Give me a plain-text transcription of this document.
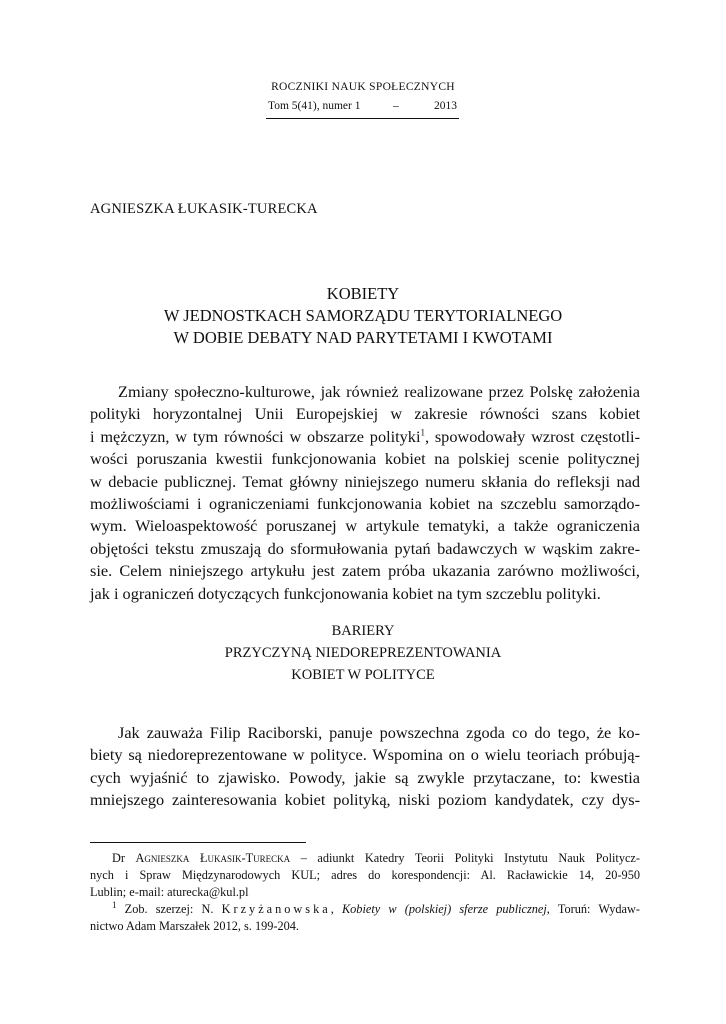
ROCZNIKI NAUK SPOŁECZNYCH
Tom 5(41), numer 1	–	2013
AGNIESZKA ŁUKASIK-TURECKA
KOBIETY
W JEDNOSTKACH SAMORZĄDU TERYTORIALNEGO
W DOBIE DEBATY NAD PARYTETAMI I KWOTAMI
Zmiany społeczno-kulturowe, jak również realizowane przez Polskę założenia
polityki horyzontalnej Unii Europejskiej w zakresie równości szans kobiet
i mężczyzn, w tym równości w obszarze polityki$^1$, spowodowały wzrost częstotli-
wości poruszania kwestii funkcjonowania kobiet na polskiej scenie politycznej
w debacie publicznej. Temat główny niniejszego numeru skłania do refleksji nad
możliwościami i ograniczeniami funkcjonowania kobiet na szczeblu samorządo-
wym. Wieloaspektowość poruszanej w artykule tematyki, a także ograniczenia
objętości tekstu zmuszają do sformułowania pytań badawczych w wąskim zakre-
sie. Celem niniejszego artykułu jest zatem próba ukazania zarówno możliwości,
jak i ograniczeń dotyczących funkcjonowania kobiet na tym szczeblu polityki.
BARIERY
PRZYCZYNĄ NIEDOREPREZENTOWANIA
KOBIET W POLITYCE
Jak zauważa Filip Raciborski, panuje powszechna zgoda co do tego, że ko-
biety są niedoreprezentowane w polityce. Wspomina on o wielu teoriach próbują-
cych wyjaśnić to zjawisko. Powody, jakie są zwykle przytaczane, to: kwestia
mniejszego zainteresowania kobiet polityką, niski poziom kandydatek, czy dys-
Dr Agnieszka Łukasik-Turecka – adiunkt Katedry Teorii Polityki Instytutu Nauk Politycz-
nych i Spraw Międzynarodowych KUL; adres do korespondencji: Al. Racławickie 14, 20-950
Lublin; e-mail: aturecka@kul.pl
$^1$ Zob. szerzej: N. Krzyżanowska, Kobiety w (polskiej) sferze publicznej, Toruń: Wydaw-
nictwo Adam Marszałek 2012, s. 199-204.
